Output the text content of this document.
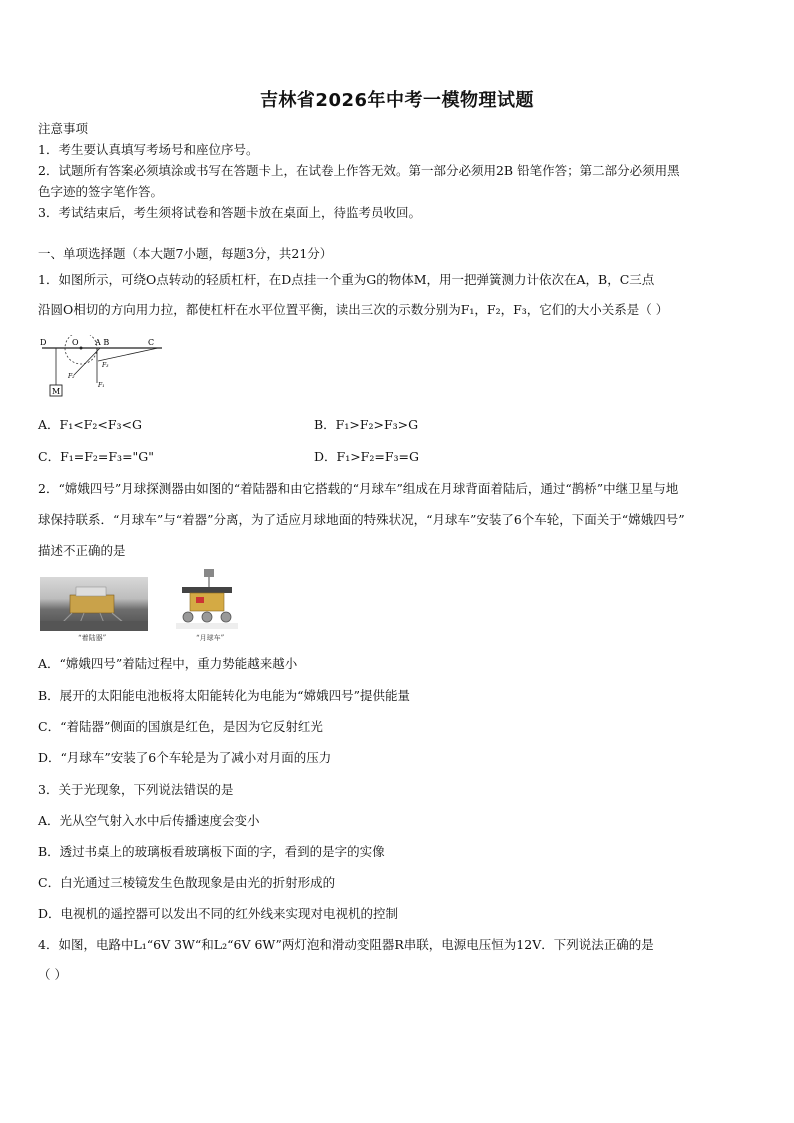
吉林省2026年中考一模物理试题
注意事项
1．考生要认真填写考场号和座位序号。
2．试题所有答案必须填涂或书写在答题卡上，在试卷上作答无效。第一部分必须用2B 铅笔作答；第二部分必须用黑
色字迹的签字笔作答。
3．考试结束后，考生须将试卷和答题卡放在桌面上，待监考员收回。
一、单项选择题（本大题7小题，每题3分，共21分）
1．如图所示，可绕O点转动的轻质杠杆，在D点挂一个重为G的物体M，用一把弹簧测力计依次在A，B，C三点
沿圆O相切的方向用力拉，都使杠杆在水平位置平衡，读出三次的示数分别为F₁，F₂，F₃，它们的大小关系是（ ）
D	O A B	C
M
F₁
F₂
F₃
A．F₁<F₂<F₃<G	B．F₁>F₂>F₃>G
C．F₁=F₂=F₃="G"	D．F₁>F₂=F₃=G
2．“嫦娥四号”月球探测器由如图的“着陆器和由它搭载的“月球车”组成在月球背面着陆后，通过“鹊桥”中继卫星与地
球保持联系．“月球车”与“着器”分离，为了适应月球地面的特殊状况，“月球车”安装了6个车轮，下面关于“嫦娥四号”
描述不正确的是
“着陆器”	“月球车”
A．“嫦娥四号”着陆过程中，重力势能越来越小
B．展开的太阳能电池板将太阳能转化为电能为“嫦娥四号”提供能量
C．“着陆器”侧面的国旗是红色，是因为它反射红光
D．“月球车”安装了6个车轮是为了减小对月面的压力
3．关于光现象，下列说法错误的是
A．光从空气射入水中后传播速度会变小
B．透过书桌上的玻璃板看玻璃板下面的字，看到的是字的实像
C．白光通过三棱镜发生色散现象是由光的折射形成的
D．电视机的遥控器可以发出不同的红外线来实现对电视机的控制
4．如图，电路中L₁“6V 3W“和L₂“6V 6W”两灯泡和滑动变阻器R串联，电源电压恒为12V．下列说法正确的是
（ ）
